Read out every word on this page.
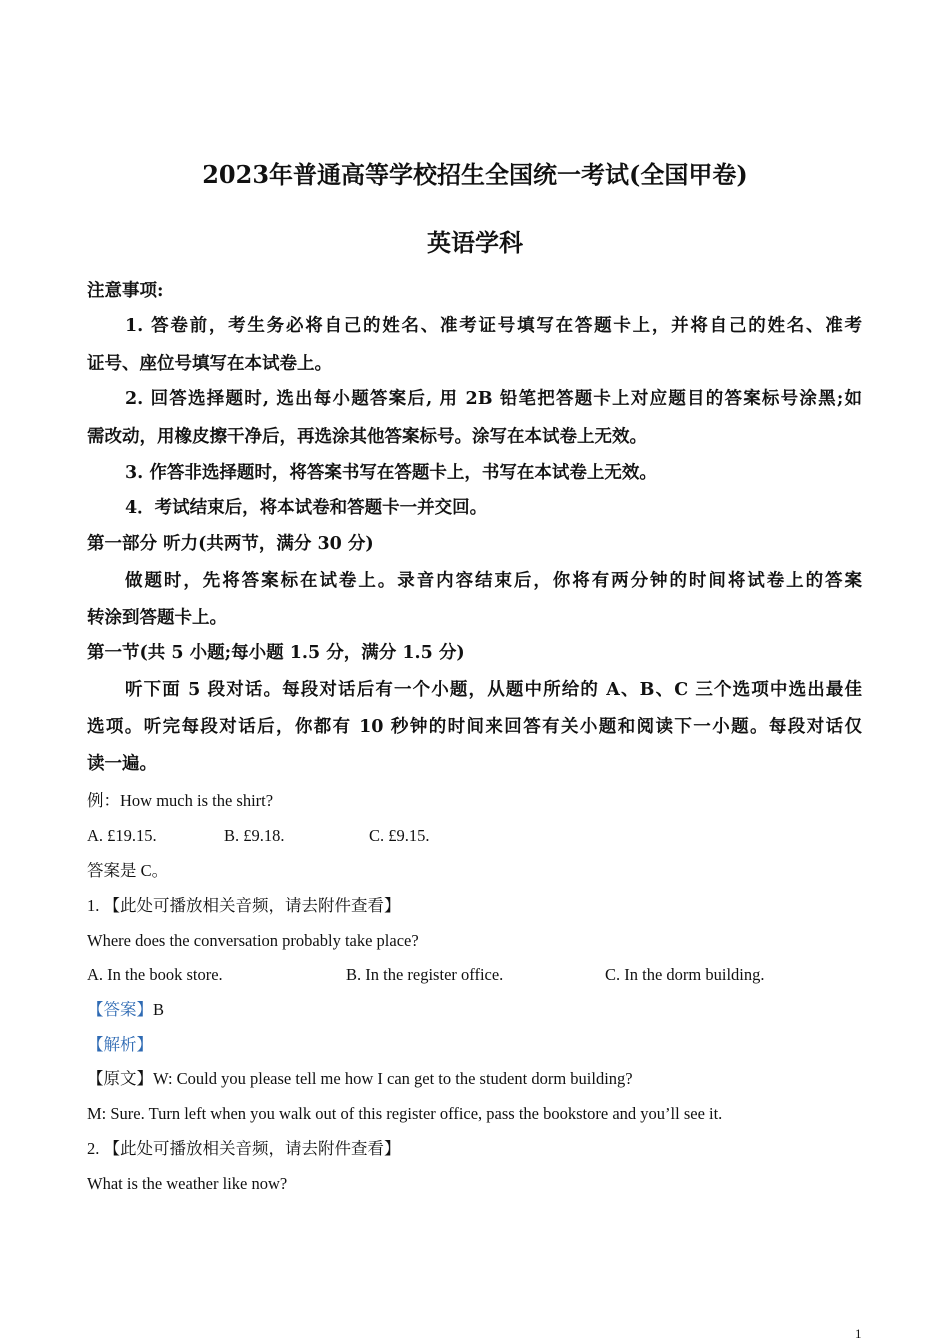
2023年普通高等学校招生全国统一考试(全国甲卷)
英语学科
注意事项:
1. 答卷前，考生务必将自己的姓名、准考证号填写在答题卡上，并将自己的姓名、准考
证号、座位号填写在本试卷上。
2. 回答选择题时, 选出每小题答案后, 用 2B 铅笔把答题卡上对应题目的答案标号涂黑;如
需改动，用橡皮擦干净后，再选涂其他答案标号。涂写在本试卷上无效。
3. 作答非选择题时，将答案书写在答题卡上，书写在本试卷上无效。
4．考试结束后，将本试卷和答题卡一并交回。
第一部分 听力(共两节，满分 30 分)
做题时，先将答案标在试卷上。录音内容结束后，你将有两分钟的时间将试卷上的答案
转涂到答题卡上。
第一节(共 5 小题;每小题 1.5 分，满分 1.5 分)
听下面 5 段对话。每段对话后有一个小题，从题中所给的 A、B、C 三个选项中选出最佳
选项。听完每段对话后，你都有 10 秒钟的时间来回答有关小题和阅读下一小题。每段对话仅
读一遍。
例：How much is the shirt?
A. £19.15.	B. £9.18.	C. £9.15.
答案是 C。
1. 【此处可播放相关音频，请去附件查看】
Where does the conversation probably take place?
A. In the book store.	B. In the register office.	C. In the dorm building.
【答案】B
【解析】
【原文】W: Could you please tell me how I can get to the student dorm building?
M: Sure. Turn left when you walk out of this register office, pass the bookstore and you’ll see it.
2. 【此处可播放相关音频，请去附件查看】
What is the weather like now?
1
